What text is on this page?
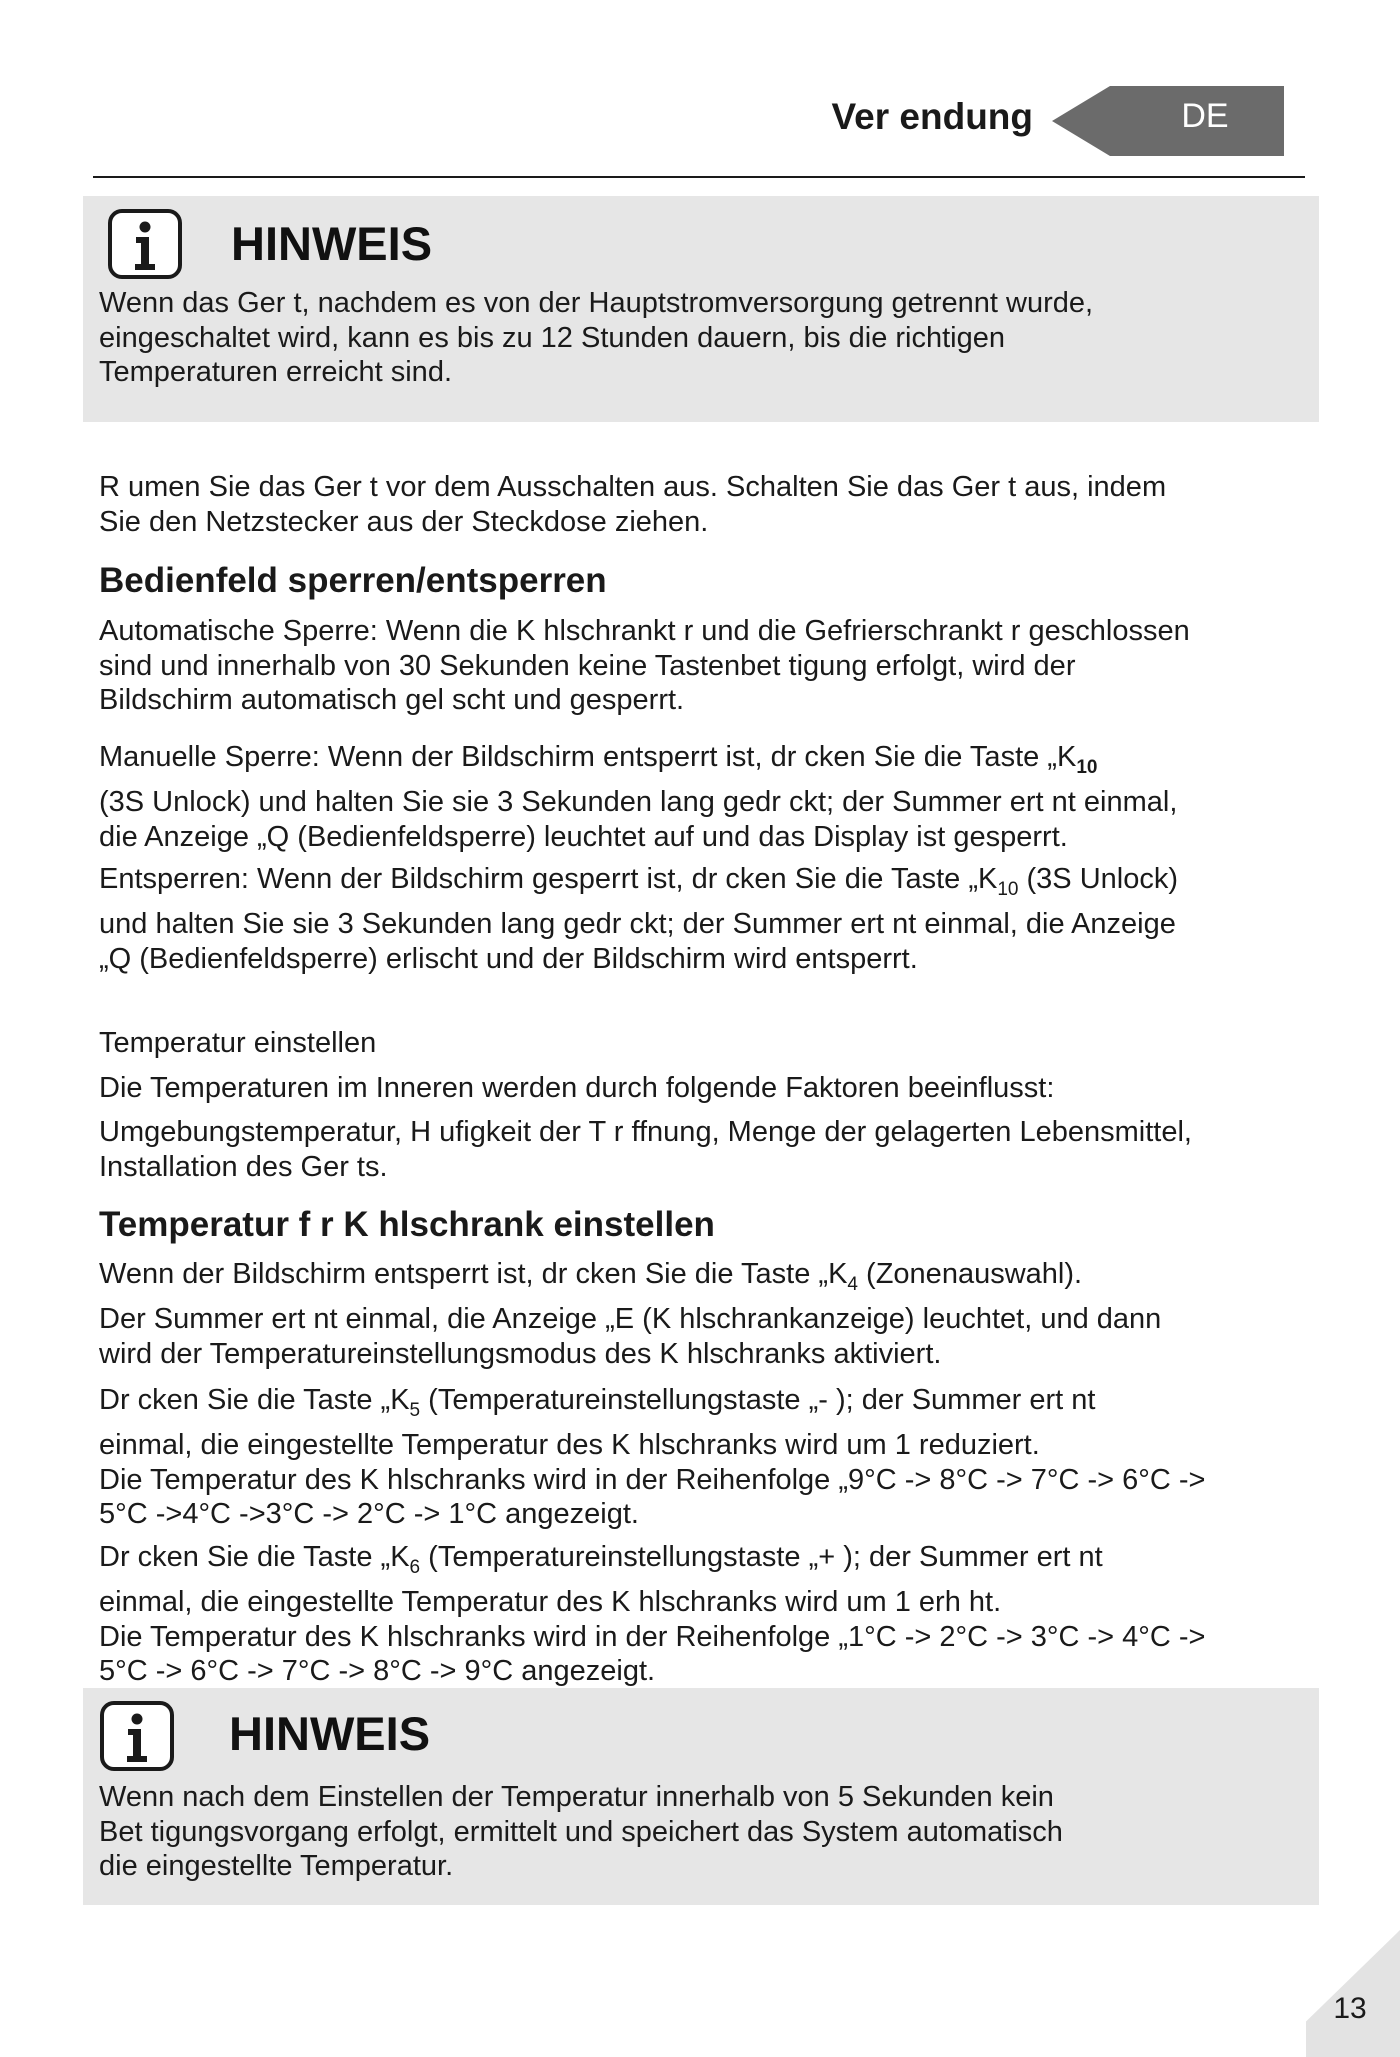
Ver endung	DE
HINWEIS
Wenn das Ger t, nachdem es von der Hauptstromversorgung getrennt wurde,
eingeschaltet wird, kann es bis zu 12 Stunden dauern, bis die richtigen
Temperaturen erreicht sind.
R umen Sie das Ger t vor dem Ausschalten aus. Schalten Sie das Ger t aus, indem
Sie den Netzstecker aus der Steckdose ziehen.
Bedienfeld sperren/entsperren
Automatische Sperre: Wenn die K hlschrankt r und die Gefrierschrankt r geschlossen
sind und innerhalb von 30 Sekunden keine Tastenbet tigung erfolgt, wird der
Bildschirm automatisch gel scht und gesperrt.
Manuelle Sperre: Wenn der Bildschirm entsperrt ist, dr cken Sie die Taste $„K_{10}$
(3S Unlock) und halten Sie sie 3 Sekunden lang gedr ckt; der Summer ert nt einmal,
die Anzeige „Q (Bedienfeldsperre) leuchtet auf und das Display ist gesperrt.
Entsperren: Wenn der Bildschirm gesperrt ist, dr cken Sie die Taste $„K_{10}$ (3S Unlock)
und halten Sie sie 3 Sekunden lang gedr ckt; der Summer ert nt einmal, die Anzeige
„Q (Bedienfeldsperre) erlischt und der Bildschirm wird entsperrt.
Temperatur einstellen
Die Temperaturen im Inneren werden durch folgende Faktoren beeinflusst:
Umgebungstemperatur, H ufigkeit der T r ffnung, Menge der gelagerten Lebensmittel,
Installation des Ger ts.
Temperatur f r K hlschrank einstellen
Wenn der Bildschirm entsperrt ist, dr cken Sie die Taste $„K_4$ (Zonenauswahl).
Der Summer ert nt einmal, die Anzeige „E (K hlschrankanzeige) leuchtet, und dann
wird der Temperatureinstellungsmodus des K hlschranks aktiviert.
Dr cken Sie die Taste $„K_5$ (Temperatureinstellungstaste „- ); der Summer ert nt
einmal, die eingestellte Temperatur des K hlschranks wird um 1 reduziert.
Die Temperatur des K hlschranks wird in der Reihenfolge „9°C -> 8°C -> 7°C -> 6°C ->
5°C ->4°C ->3°C -> 2°C -> 1°C angezeigt.
Dr cken Sie die Taste $„K_6$ (Temperatureinstellungstaste „+ ); der Summer ert nt
einmal, die eingestellte Temperatur des K hlschranks wird um 1 erh ht.
Die Temperatur des K hlschranks wird in der Reihenfolge „1°C -> 2°C -> 3°C -> 4°C ->
5°C -> 6°C -> 7°C -> 8°C -> 9°C angezeigt.
HINWEIS
Wenn nach dem Einstellen der Temperatur innerhalb von 5 Sekunden kein
Bet tigungsvorgang erfolgt, ermittelt und speichert das System automatisch
die eingestellte Temperatur.
13
